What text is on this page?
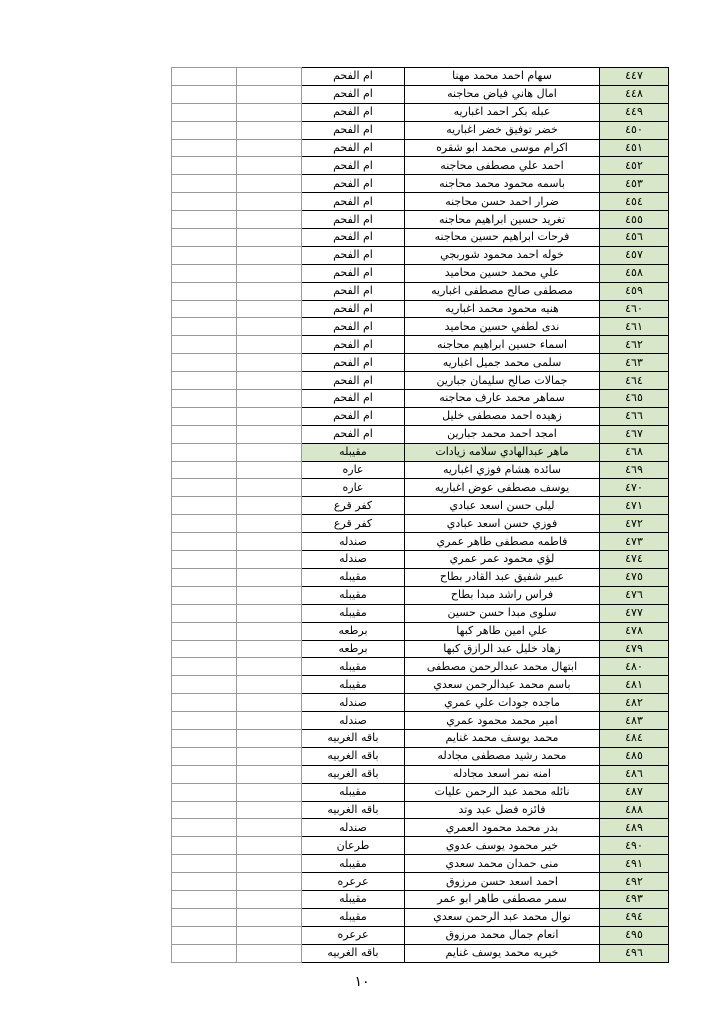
		ام الفحم	سهام احمد محمد مهنا	٤٤٧
		ام الفحم	امال هاني فياض محاجنه	٤٤٨
		ام الفحم	عبله بكر احمد اغباريه	٤٤٩
		ام الفحم	خضر توفيق خضر اغباريه	٤٥٠
		ام الفحم	اكرام موسى محمد ابو شقره	٤٥١
		ام الفحم	احمد علي مصطفى محاجنه	٤٥٢
		ام الفحم	باسمه محمود محمد محاجنه	٤٥٣
		ام الفحم	ضرار احمد حسن محاجنه	٤٥٤
		ام الفحم	تغريد حسين ابراهيم محاجنه	٤٥٥
		ام الفحم	فرحات ابراهيم حسين محاجنه	٤٥٦
		ام الفحم	خوله احمد محمود شوربجي	٤٥٧
		ام الفحم	علي محمد حسين محاميد	٤٥٨
		ام الفحم	مصطفى صالح مصطفى اغباريه	٤٥٩
		ام الفحم	هنيه محمود محمد اغباريه	٤٦٠
		ام الفحم	ندى لطفي حسين محاميد	٤٦١
		ام الفحم	اسماء حسين ابراهيم محاجنه	٤٦٢
		ام الفحم	سلمى محمد جميل اغباريه	٤٦٣
		ام الفحم	جمالات صالح سليمان جبارين	٤٦٤
		ام الفحم	سماهر محمد عارف محاجنه	٤٦٥
		ام الفحم	زهيده احمد مصطفى خليل	٤٦٦
		ام الفحم	امجد احمد محمد جبارين	٤٦٧
		مقيبله	ماهر عبدالهادي سلامه زيادات	٤٦٨
		عاره	سائده هشام فوزي اغباريه	٤٦٩
		عاره	يوسف مصطفى عوض اغباريه	٤٧٠
		كفر قرع	ليلى حسن اسعد عبادي	٤٧١
		كفر قرع	فوزي حسن اسعد عبادي	٤٧٢
		صندله	فاطمه مصطفى طاهر عمري	٤٧٣
		صندله	لؤي محمود عمر عمري	٤٧٤
		مقيبله	عبير شفيق عبد القادر بطاح	٤٧٥
		مقيبله	فراس راشد مبدا بطاح	٤٧٦
		مقيبله	سلوى مبدا حسن حسين	٤٧٧
		برطعه	علي امين طاهر كبها	٤٧٨
		برطعه	زهاد خليل عبد الرازق كبها	٤٧٩
		مقيبله	ابتهال محمد عبدالرحمن مصطفى	٤٨٠
		مقيبله	باسم محمد عبدالرحمن سعدي	٤٨١
		صندله	ماجده جودات علي عمري	٤٨٢
		صندله	امير محمد محمود عمري	٤٨٣
		باقه الغربيه	محمد يوسف محمد غنايم	٤٨٤
		باقه الغربيه	محمد رشيد مصطفى مجادله	٤٨٥
		باقه الغربيه	امنه نمر اسعد مجادله	٤٨٦
		مقيبله	نائله محمد عبد الرحمن عليات	٤٨٧
		باقه الغربيه	فائزه فضل عبد وتد	٤٨٨
		صندله	بدر محمد محمود العمري	٤٨٩
		طرعان	خير محمود يوسف عدوي	٤٩٠
		مقيبله	منى حمدان محمد سعدي	٤٩١
		عرعره	احمد اسعد حسن مرزوق	٤٩٢
		مقيبله	سمر مصطفى طاهر ابو عمر	٤٩٣
		مقيبله	نوال محمد عبد الرحمن سعدي	٤٩٤
		عرعره	انعام جمال محمد مرزوق	٤٩٥
		باقه الغربيه	خيريه محمد يوسف غنايم	٤٩٦
١٠
